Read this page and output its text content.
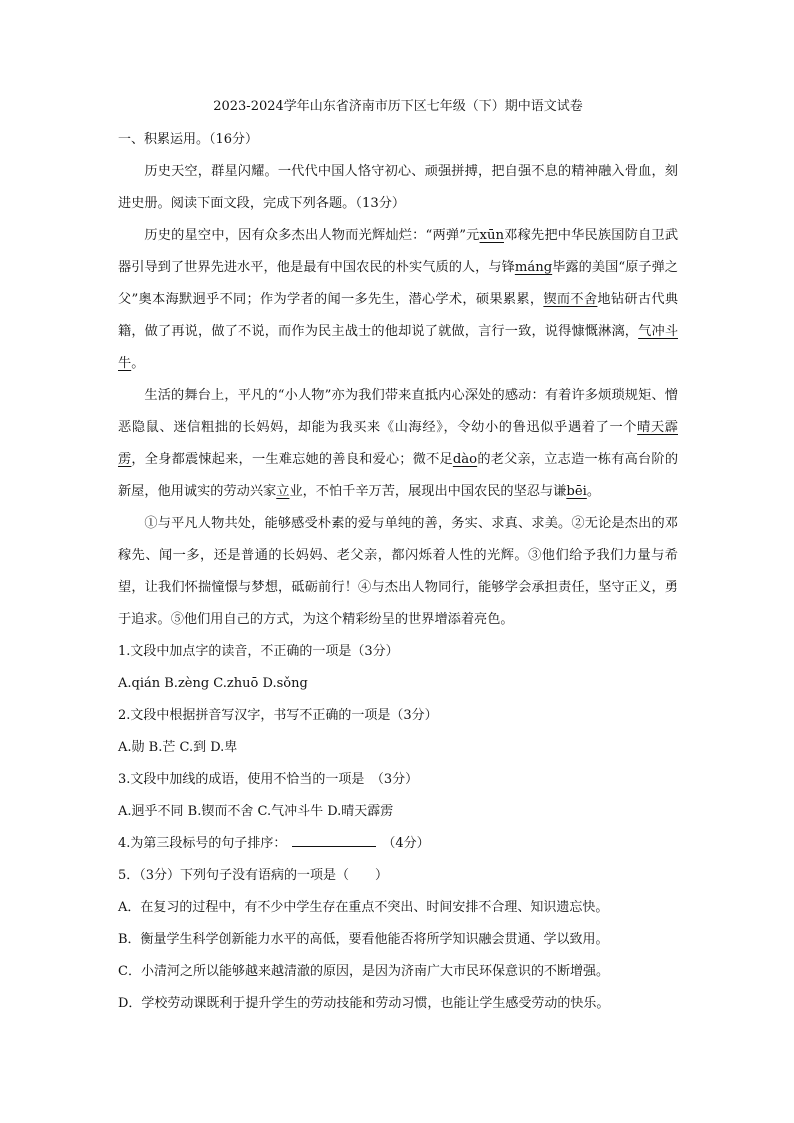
2023-2024学年山东省济南市历下区七年级（下）期中语文试卷

一、积累运用。（16分）

历史天空，群星闪耀。一代代中国人恪守初心、顽强拼搏，把自强不息的精神融入骨血，刻进史册。阅读下面文段，完成下列各题。（13分）

历史的星空中，因有众多杰出人物而光辉灿烂：“两弹”元xūn邓稼先把中华民族国防自卫武器引导到了世界先进水平，他是最有中国农民的朴实气质的人，与锋máng毕露的美国“原子弹之父”奥本海默迥乎不同；作为学者的闻一多先生，潜心学术，硕果累累，锲而不舍地钻研古代典籍，做了再说，做了不说，而作为民主战士的他却说了就做，言行一致，说得慷慨淋漓，气冲斗牛。

生活的舞台上，平凡的“小人物”亦为我们带来直抵内心深处的感动：有着许多烦琐规矩、憎恶隐鼠、迷信粗拙的长妈妈，却能为我买来《山海经》，令幼小的鲁迅似乎遇着了一个晴天霹雳，全身都震悚起来，一生难忘她的善良和爱心；微不足dào的老父亲，立志造一栋有高台阶的新屋，他用诚实的劳动兴家立业，不怕千辛万苦，展现出中国农民的坚忍与谦bēi。

①与平凡人物共处，能够感受朴素的爱与单纯的善，务实、求真、求美。②无论是杰出的邓稼先、闻一多，还是普通的长妈妈、老父亲，都闪烁着人性的光辉。③他们给予我们力量与希望，让我们怀揣憧憬与梦想，砥砺前行！④与杰出人物同行，能够学会承担责任，坚守正义，勇于追求。⑤他们用自己的方式，为这个精彩纷呈的世界增添着亮色。

1.文段中加点字的读音，不正确的一项是（3分）

A.qián B.zèng C.zhuō D.sǒng

2.文段中根据拼音写汉字，书写不正确的一项是（3分）

A.勋 B.芒 C.到 D.卑

3.文段中加线的成语，使用不恰当的一项是　（3分）

A.迥乎不同 B.锲而不舍 C.气冲斗牛 D.晴天霹雳

4.为第三段标号的句子排序：	（4分）

5．（3分）下列句子没有语病的一项是（　　）

A．在复习的过程中，有不少中学生存在重点不突出、时间安排不合理、知识遗忘快。

B．衡量学生科学创新能力水平的高低，要看他能否将所学知识融会贯通、学以致用。

C．小清河之所以能够越来越清澈的原因，是因为济南广大市民环保意识的不断增强。

D．学校劳动课既利于提升学生的劳动技能和劳动习惯，也能让学生感受劳动的快乐。
